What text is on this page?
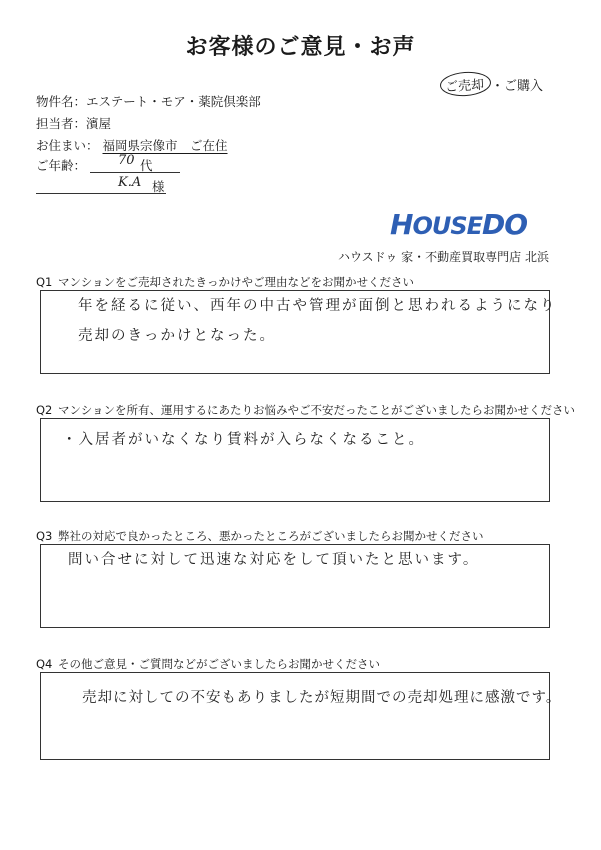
お客様のご意見・お声
ご売却 ・ご購入
物件名：エステート・モア・薬院倶楽部
担当者：濱屋
お住まい： 福岡県宗像市　ご在住
ご年齢： 70 代
K.A 様
HOUSEDO
ハウスドゥ 家・不動産買取専門店 北浜
Q1 マンションをご売却されたきっかけやご理由などをお聞かせください
年を経るに従い、西年の中古や管理が面倒と思われるようになり
売却のきっかけとなった。
Q2 マンションを所有、運用するにあたりお悩みやご不安だったことがございましたらお聞かせください
・入居者がいなくなり賃料が入らなくなること。
Q3 弊社の対応で良かったところ、悪かったところがございましたらお聞かせください
問い合せに対して迅速な対応をして頂いたと思います。
Q4 その他ご意見・ご質問などがございましたらお聞かせください
売却に対しての不安もありましたが短期間での売却処理に感激です。
